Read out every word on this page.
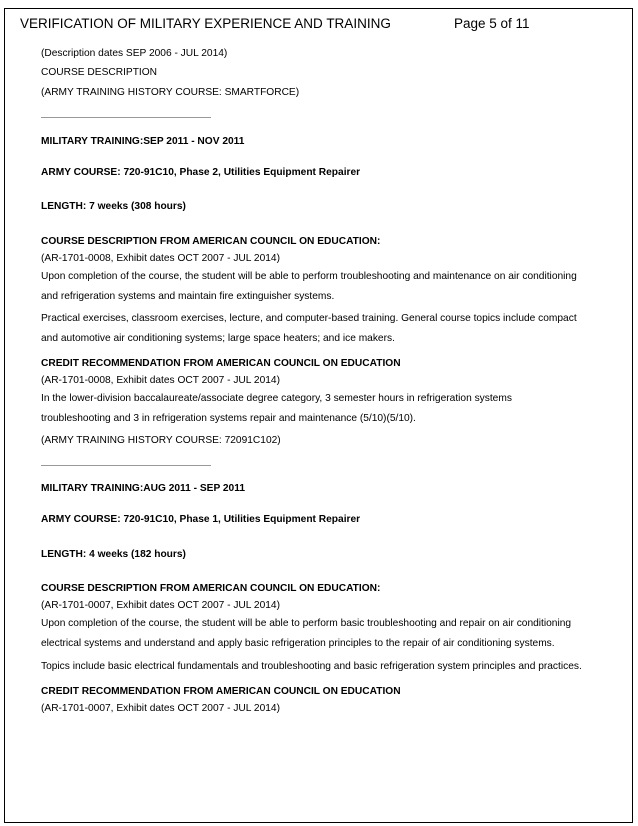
VERIFICATION OF MILITARY EXPERIENCE AND TRAINING	Page 5 of 11
(Description dates SEP 2006 - JUL 2014)
COURSE DESCRIPTION
(ARMY TRAINING HISTORY COURSE: SMARTFORCE)
MILITARY TRAINING:SEP 2011 - NOV 2011
ARMY COURSE: 720-91C10, Phase 2, Utilities Equipment Repairer
LENGTH: 7 weeks (308 hours)
COURSE DESCRIPTION FROM AMERICAN COUNCIL ON EDUCATION:
(AR-1701-0008, Exhibit dates OCT 2007 - JUL 2014)
Upon completion of the course, the student will be able to perform troubleshooting and maintenance on air conditioning
and refrigeration systems and maintain fire extinguisher systems.
Practical exercises, classroom exercises, lecture, and computer-based training. General course topics include compact
and automotive air conditioning systems; large space heaters; and ice makers.
CREDIT RECOMMENDATION FROM AMERICAN COUNCIL ON EDUCATION
(AR-1701-0008, Exhibit dates OCT 2007 - JUL 2014)
In the lower-division baccalaureate/associate degree category, 3 semester hours in refrigeration systems
troubleshooting and 3 in refrigeration systems repair and maintenance (5/10)(5/10).
(ARMY TRAINING HISTORY COURSE: 72091C102)
MILITARY TRAINING:AUG 2011 - SEP 2011
ARMY COURSE: 720-91C10, Phase 1, Utilities Equipment Repairer
LENGTH: 4 weeks (182 hours)
COURSE DESCRIPTION FROM AMERICAN COUNCIL ON EDUCATION:
(AR-1701-0007, Exhibit dates OCT 2007 - JUL 2014)
Upon completion of the course, the student will be able to perform basic troubleshooting and repair on air conditioning
electrical systems and understand and apply basic refrigeration principles to the repair of air conditioning systems.
Topics include basic electrical fundamentals and troubleshooting and basic refrigeration system principles and practices.
CREDIT RECOMMENDATION FROM AMERICAN COUNCIL ON EDUCATION
(AR-1701-0007, Exhibit dates OCT 2007 - JUL 2014)
